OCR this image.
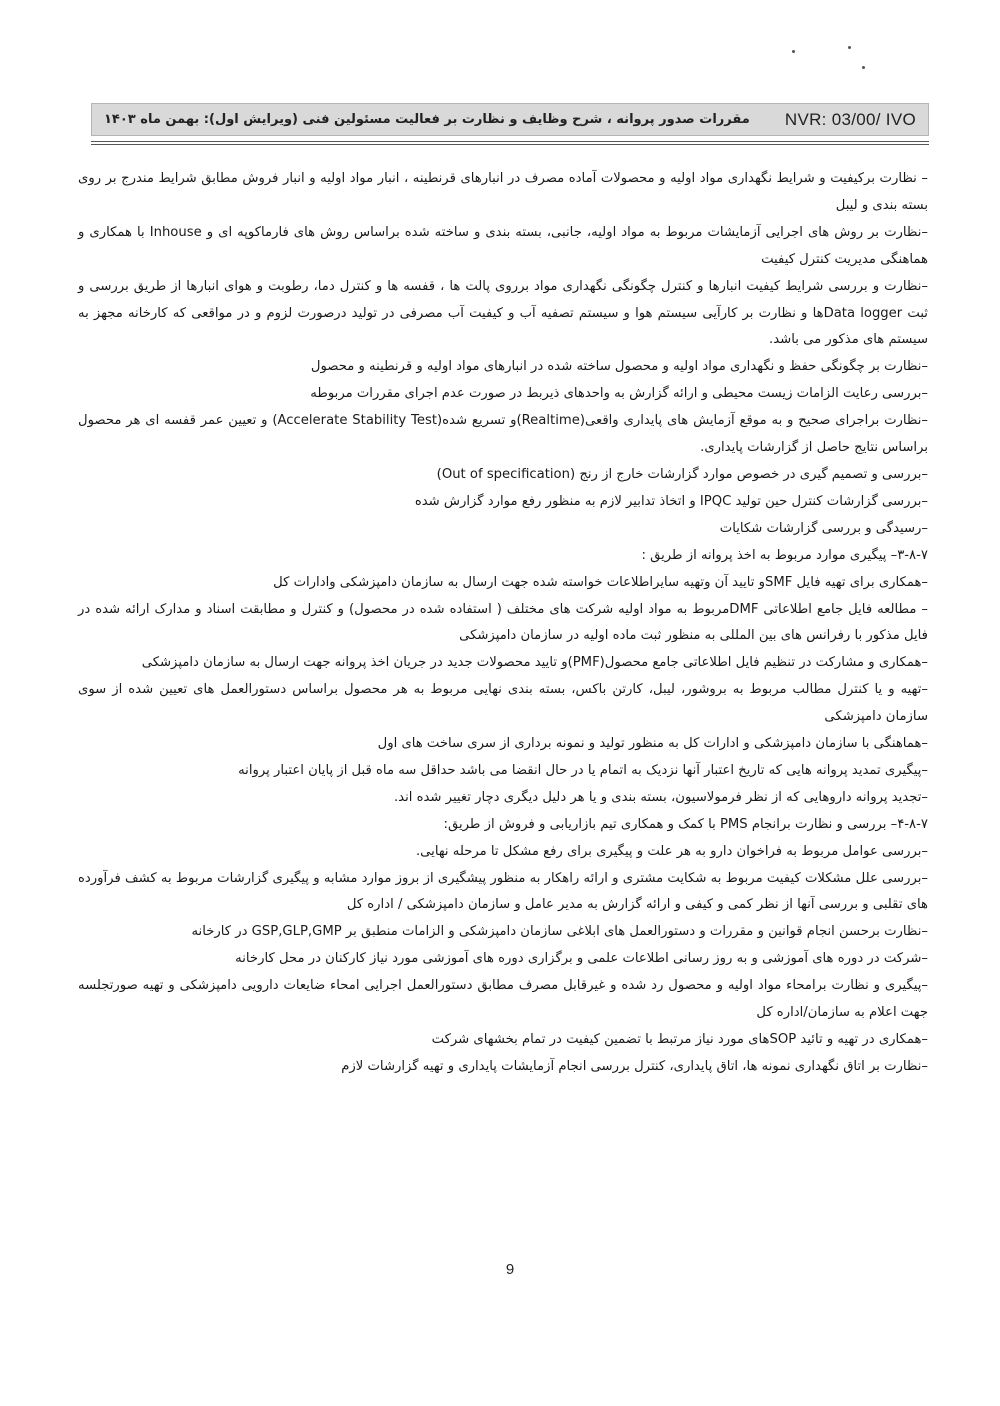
مقررات صدور پروانه ، شرح وظایف و نظارت بر فعالیت مسئولین فنی (ویرایش اول): بهمن ماه ۱۴۰۳ NVR: 03/00/ IVO

– نظارت برکیفیت و شرایط نگهداری مواد اولیه و محصولات آماده مصرف در انبارهای قرنطینه ، انبار مواد اولیه و انبار فروش مطابق شرایط مندرج بر روی بسته بندی و لیبل

–نظارت بر روش های اجرایی آزمایشات مربوط به مواد اولیه، جانبی، بسته بندی و ساخته شده براساس روش های فارماکوپه ای و Inhouse با همکاری و هماهنگی مدیریت کنترل کیفیت

–نظارت و بررسی شرایط کیفیت انبارها و کنترل چگونگی نگهداری مواد برروی پالت ها ، قفسه ها و کنترل دما، رطوبت و هوای انبارها از طریق بررسی و ثبت Data loggerها و نظارت بر کارآیی سیستم هوا و سیستم تصفیه آب و کیفیت آب مصرفی در تولید درصورت لزوم و در مواقعی که کارخانه مجهز به سیستم های مذکور می باشد.

–نظارت بر چگونگی حفظ و نگهداری مواد اولیه و محصول ساخته شده در انبارهای مواد اولیه و قرنطینه و محصول

–بررسی رعایت الزامات زیست محیطی و ارائه گزارش به واحدهای ذیربط در صورت عدم اجرای مقررات مربوطه

–نظارت براجرای صحیح و به موقع آزمایش های پایداری واقعی(Realtime)و تسریع شده(Accelerate Stability Test) و تعیین عمر قفسه ای هر محصول براساس نتایج حاصل از گزارشات پایداری.

–بررسی و تصمیم گیری در خصوص موارد گزارشات خارج از رنج (Out of specification)

–بررسی گزارشات کنترل حین تولید IPQC و اتخاذ تدابیر لازم به منظور رفع موارد گزارش شده

–رسیدگی و بررسی گزارشات شکایات

۳-۸-۷– پیگیری موارد مربوط به اخذ پروانه از طریق :

–همکاری برای تهیه فایل SMFو تایید آن وتهیه سایراطلاعات خواسته شده جهت ارسال به سازمان دامپزشکی وادارات کل

– مطالعه فایل جامع اطلاعاتی DMFمربوط به مواد اولیه شرکت های مختلف ( استفاده شده در محصول) و کنترل و مطابقت اسناد و مدارک ارائه شده در فایل مذکور با رفرانس های بین المللی به منظور ثبت ماده اولیه در سازمان دامپزشکی

–همکاری و مشارکت در تنظیم فایل اطلاعاتی جامع محصول(PMF)و تایید محصولات جدید در جریان اخذ پروانه جهت ارسال به سازمان دامپزشکی

–تهیه و یا کنترل مطالب مربوط به بروشور، لیبل، کارتن باکس، بسته بندی نهایی مربوط به هر محصول براساس دستورالعمل های تعیین شده از سوی سازمان دامپزشکی

–هماهنگی با سازمان دامپزشکی و ادارات کل به منظور تولید و نمونه برداری از سری ساخت های اول

–پیگیری تمدید پروانه هایی که تاریخ اعتبار آنها نزدیک به اتمام یا در حال انقضا می باشد حداقل سه ماه قبل از پایان اعتبار پروانه

–تجدید پروانه داروهایی که از نظر فرمولاسیون، بسته بندی و یا هر دلیل دیگری دچار تغییر شده اند.

۴-۸-۷– بررسی و نظارت برانجام PMS با کمک و همکاری تیم بازاریابی و فروش از طریق:

–بررسی عوامل مربوط به فراخوان دارو به هر علت و پیگیری برای رفع مشکل تا مرحله نهایی.

–بررسی علل مشکلات کیفیت مربوط به شکایت مشتری و ارائه راهکار به منظور پیشگیری از بروز موارد مشابه و پیگیری گزارشات مربوط به کشف فرآورده های تقلبی و بررسی آنها از نظر کمی و کیفی و ارائه گزارش به مدیر عامل و سازمان دامپزشکی / اداره کل

–نظارت برحسن انجام قوانین و مقررات و دستورالعمل های ابلاغی سازمان دامپزشکی و الزامات منطبق بر GSP,GLP,GMP در کارخانه

–شرکت در دوره های آموزشی و به روز رسانی اطلاعات علمی و برگزاری دوره های آموزشی مورد نیاز کارکنان در محل کارخانه

–پیگیری و نظارت برامحاء مواد اولیه و محصول رد شده و غیرقابل مصرف مطابق دستورالعمل اجرایی امحاء ضایعات دارویی دامپزشکی و تهیه صورتجلسه جهت اعلام به سازمان/اداره کل

–همکاری در تهیه و تائید SOPهای مورد نیاز مرتبط با تضمین کیفیت در تمام بخشهای شرکت

–نظارت بر اتاق نگهداری نمونه ها، اتاق پایداری، کنترل بررسی انجام آزمایشات پایداری و تهیه گزارشات لازم

9
